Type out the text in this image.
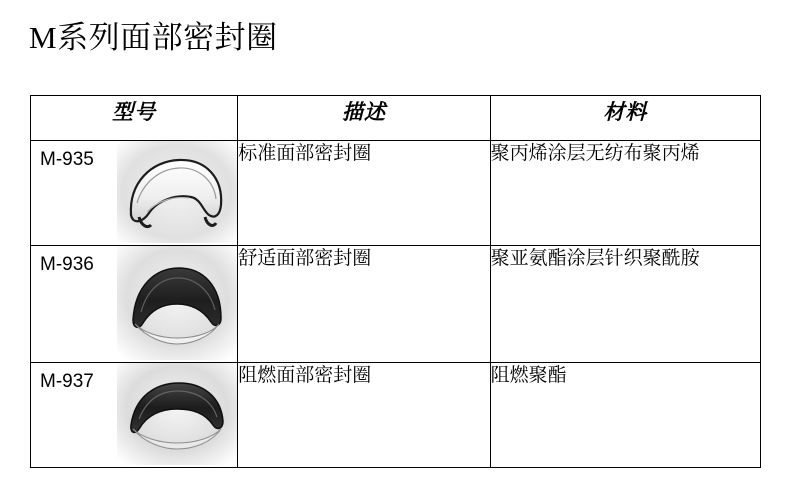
M系列面部密封圈
型号	描述	材料

M-935	标准面部密封圈	聚丙烯涂层无纺布聚丙烯

M-936	舒适面部密封圈	聚亚氨酯涂层针织聚酰胺

M-937	阻燃面部密封圈	阻燃聚酯
